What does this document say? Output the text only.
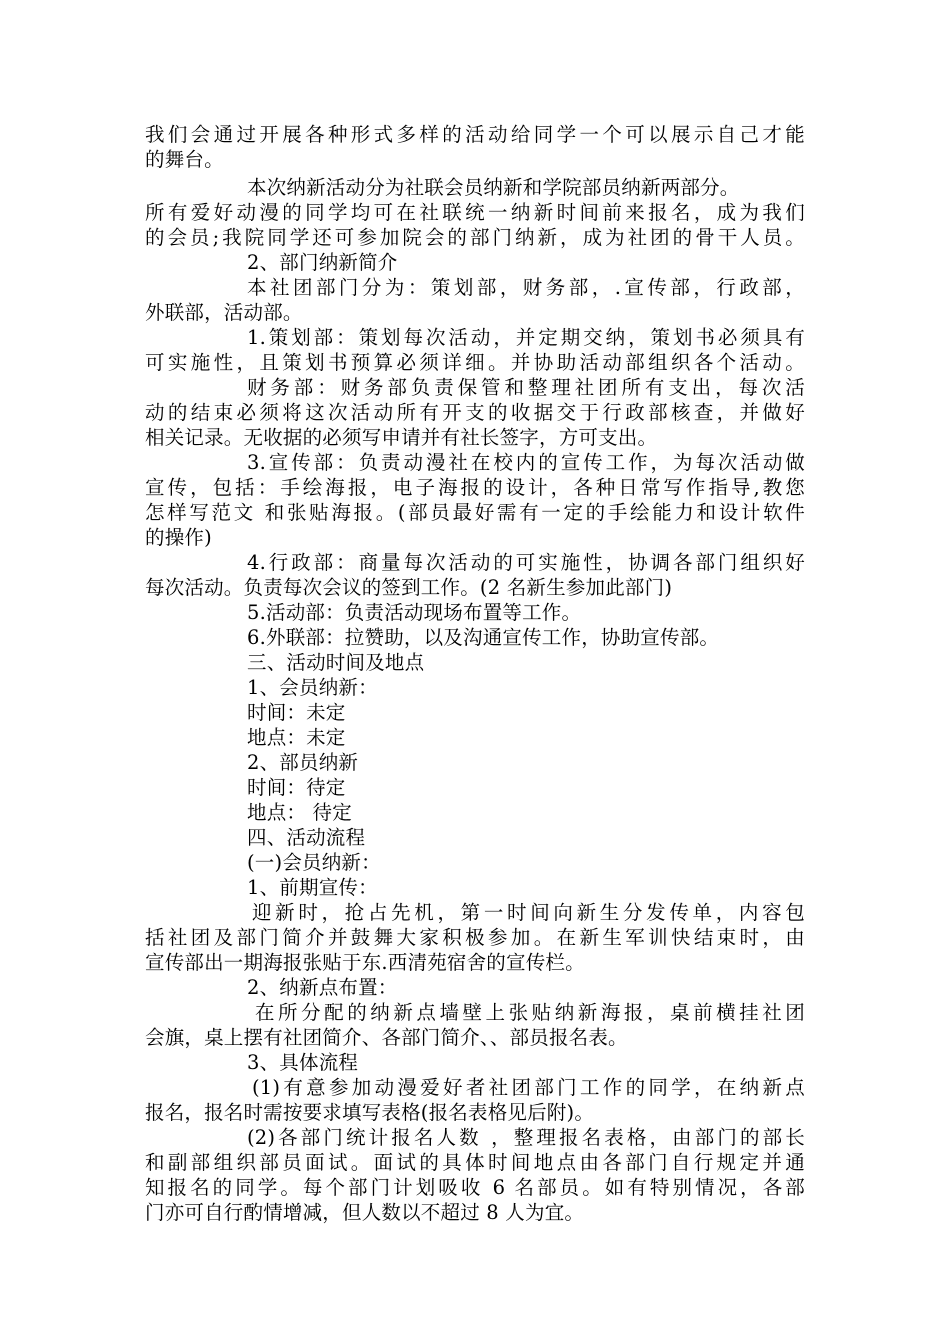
我们会通过开展各种形式多样的活动给同学一个可以展示自己才能
的舞台。
本次纳新活动分为社联会员纳新和学院部员纳新两部分。
所有爱好动漫的同学均可在社联统一纳新时间前来报名，成为我们
的会员;我院同学还可参加院会的部门纳新，成为社团的骨干人员。
2、部门纳新简介
本社团部门分为：策划部，财务部，.宣传部，行政部，
外联部，活动部。
1.策划部：策划每次活动，并定期交纳，策划书必须具有
可实施性，且策划书预算必须详细。并协助活动部组织各个活动。
财务部：财务部负责保管和整理社团所有支出，每次活
动的结束必须将这次活动所有开支的收据交于行政部核查，并做好
相关记录。无收据的必须写申请并有社长签字，方可支出。
3.宣传部：负责动漫社在校内的宣传工作，为每次活动做
宣传，包括：手绘海报，电子海报的设计，各种日常写作指导,教您
怎样写范文 和张贴海报。(部员最好需有一定的手绘能力和设计软件
的操作)
4.行政部：商量每次活动的可实施性，协调各部门组织好
每次活动。负责每次会议的签到工作。(2 名新生参加此部门)
5.活动部：负责活动现场布置等工作。
6.外联部：拉赞助，以及沟通宣传工作，协助宣传部。
三、活动时间及地点
1、会员纳新：
时间：未定
地点：未定
2、部员纳新
时间：待定
地点： 待定
四、活动流程
(一)会员纳新：
1、前期宣传：
迎新时，抢占先机，第一时间向新生分发传单，内容包
括社团及部门简介并鼓舞大家积极参加。在新生军训快结束时，由
宣传部出一期海报张贴于东.西清苑宿舍的宣传栏。
2、纳新点布置：
在所分配的纳新点墙壁上张贴纳新海报，桌前横挂社团
会旗，桌上摆有社团简介、各部门简介、、部员报名表。
3、具体流程
(1)有意参加动漫爱好者社团部门工作的同学，在纳新点
报名，报名时需按要求填写表格(报名表格见后附)。
(2)各部门统计报名人数 ，整理报名表格，由部门的部长
和副部组织部员面试。面试的具体时间地点由各部门自行规定并通
知报名的同学。每个部门计划吸收 6 名部员。如有特别情况，各部
门亦可自行酌情增减，但人数以不超过 8 人为宜。
